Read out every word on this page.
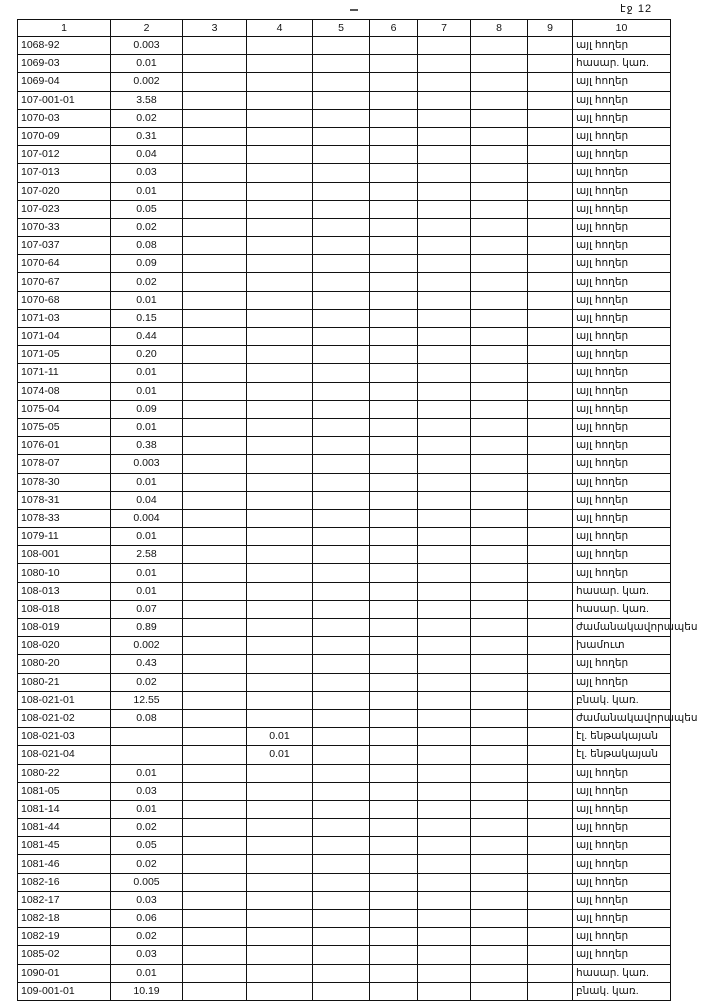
էջ 12
1	2	3	4	5	6	7	8	9	10
1068-92	0.003								այլ հողեր
1069-03	0.01								հասար. կառ.
1069-04	0.002								այլ հողեր
107-001-01	3.58								այլ հողեր
1070-03	0.02								այլ հողեր
1070-09	0.31								այլ հողեր
107-012	0.04								այլ հողեր
107-013	0.03								այլ հողեր
107-020	0.01								այլ հողեր
107-023	0.05								այլ հողեր
1070-33	0.02								այլ հողեր
107-037	0.08								այլ հողեր
1070-64	0.09								այլ հողեր
1070-67	0.02								այլ հողեր
1070-68	0.01								այլ հողեր
1071-03	0.15								այլ հողեր
1071-04	0.44								այլ հողեր
1071-05	0.20								այլ հողեր
1071-11	0.01								այլ հողեր
1074-08	0.01								այլ հողեր
1075-04	0.09								այլ հողեր
1075-05	0.01								այլ հողեր
1076-01	0.38								այլ հողեր
1078-07	0.003								այլ հողեր
1078-30	0.01								այլ հողեր
1078-31	0.04								այլ հողեր
1078-33	0.004								այլ հողեր
1079-11	0.01								այլ հողեր
108-001	2.58								այլ հողեր
1080-10	0.01								այլ հողեր
108-013	0.01								հասար. կառ.
108-018	0.07								հասար. կառ.
108-019	0.89								ժամանակավորապես
108-020	0.002								խամուտ
1080-20	0.43								այլ հողեր
1080-21	0.02								այլ հողեր
108-021-01	12.55								բնակ. կառ.
108-021-02	0.08								ժամանակավորապես
108-021-03			0.01						էլ. ենթակայան
108-021-04			0.01						էլ. ենթակայան
1080-22	0.01								այլ հողեր
1081-05	0.03								այլ հողեր
1081-14	0.01								այլ հողեր
1081-44	0.02								այլ հողեր
1081-45	0.05								այլ հողեր
1081-46	0.02								այլ հողեր
1082-16	0.005								այլ հողեր
1082-17	0.03								այլ հողեր
1082-18	0.06								այլ հողեր
1082-19	0.02								այլ հողեր
1085-02	0.03								այլ հողեր
1090-01	0.01								հասար. կառ.
109-001-01	10.19								բնակ. կառ.
